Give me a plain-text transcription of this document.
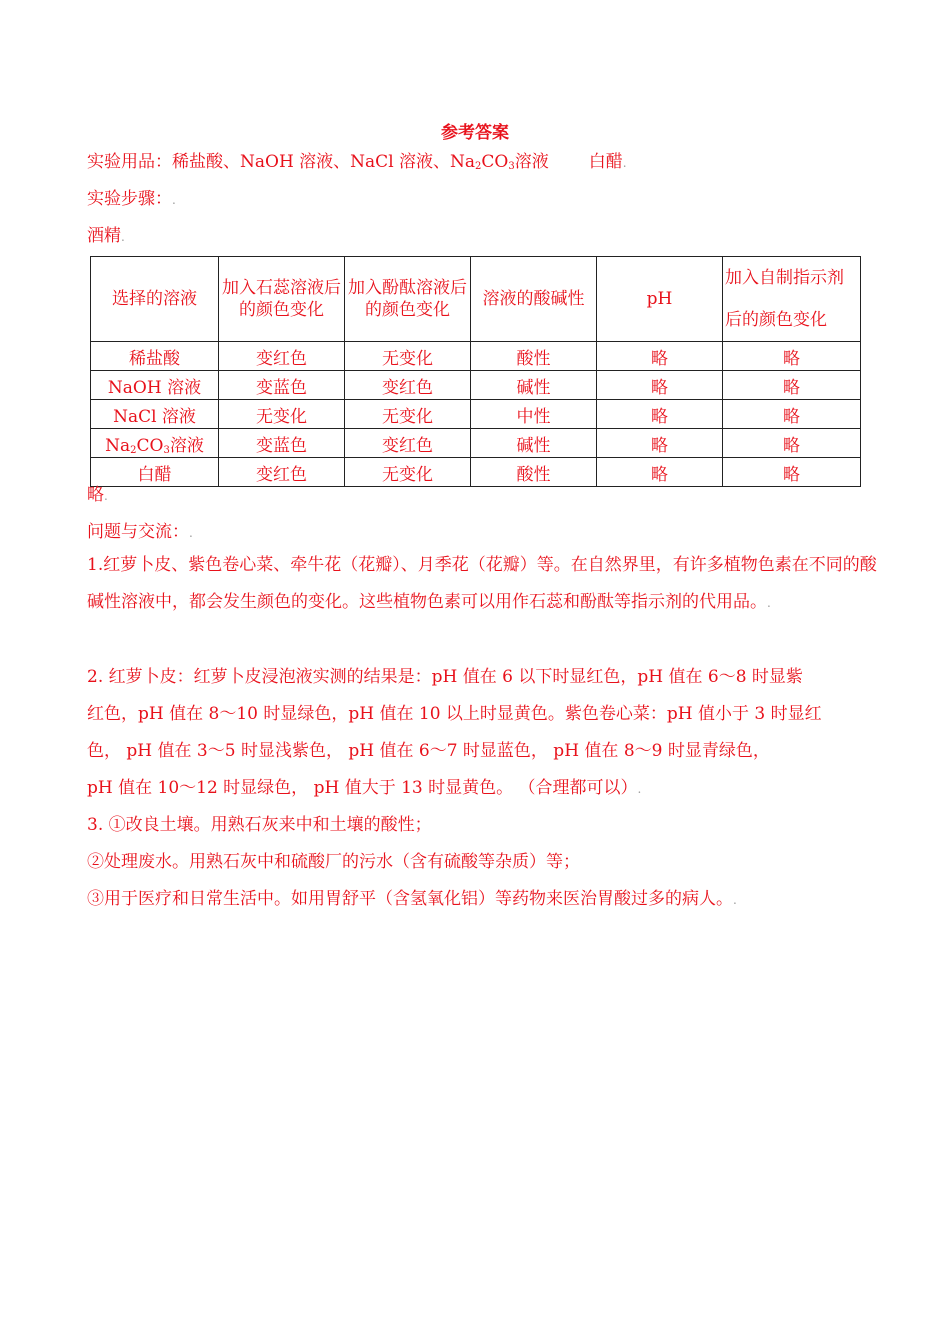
参考答案

实验用品：稀盐酸、NaOH 溶液、NaCl 溶液、$Na_2CO_3$溶液 白醋.

实验步骤：.

酒精.

选择的溶液	加入石蕊溶液后的颜色变化	加入酚酞溶液后的颜色变化	溶液的酸碱性	pH	加入自制指示剂后的颜色变化
稀盐酸	变红色	无变化	酸性	略	略
NaOH 溶液	变蓝色	变红色	碱性	略	略
NaCl 溶液	无变化	无变化	中性	略	略
$Na_2CO_3$溶液	变蓝色	变红色	碱性	略	略
白醋	变红色	无变化	酸性	略	略

略.

问题与交流：.

1.红萝卜皮、紫色卷心菜、牵牛花（花瓣）、月季花（花瓣）等。在自然界里，有许多植物色素在不同的酸碱性溶液中，都会发生颜色的变化。这些植物色素可以用作石蕊和酚酞等指示剂的代用品。.

2. 红萝卜皮：红萝卜皮浸泡液实测的结果是：pH 值在 6 以下时显红色，pH 值在 6～8 时显紫
红色，pH 值在 8～10 时显绿色，pH 值在 10 以上时显黄色。紫色卷心菜：pH 值小于 3 时显红
色， pH 值在 3～5 时显浅紫色， pH 值在 6～7 时显蓝色， pH 值在 8～9 时显青绿色，
pH 值在 10～12 时显绿色， pH 值大于 13 时显黄色。 （合理都可以）.

3. ①改良土壤。用熟石灰来中和土壤的酸性；
②处理废水。用熟石灰中和硫酸厂的污水（含有硫酸等杂质）等；
③用于医疗和日常生活中。如用胃舒平（含氢氧化铝）等药物来医治胃酸过多的病人。.
